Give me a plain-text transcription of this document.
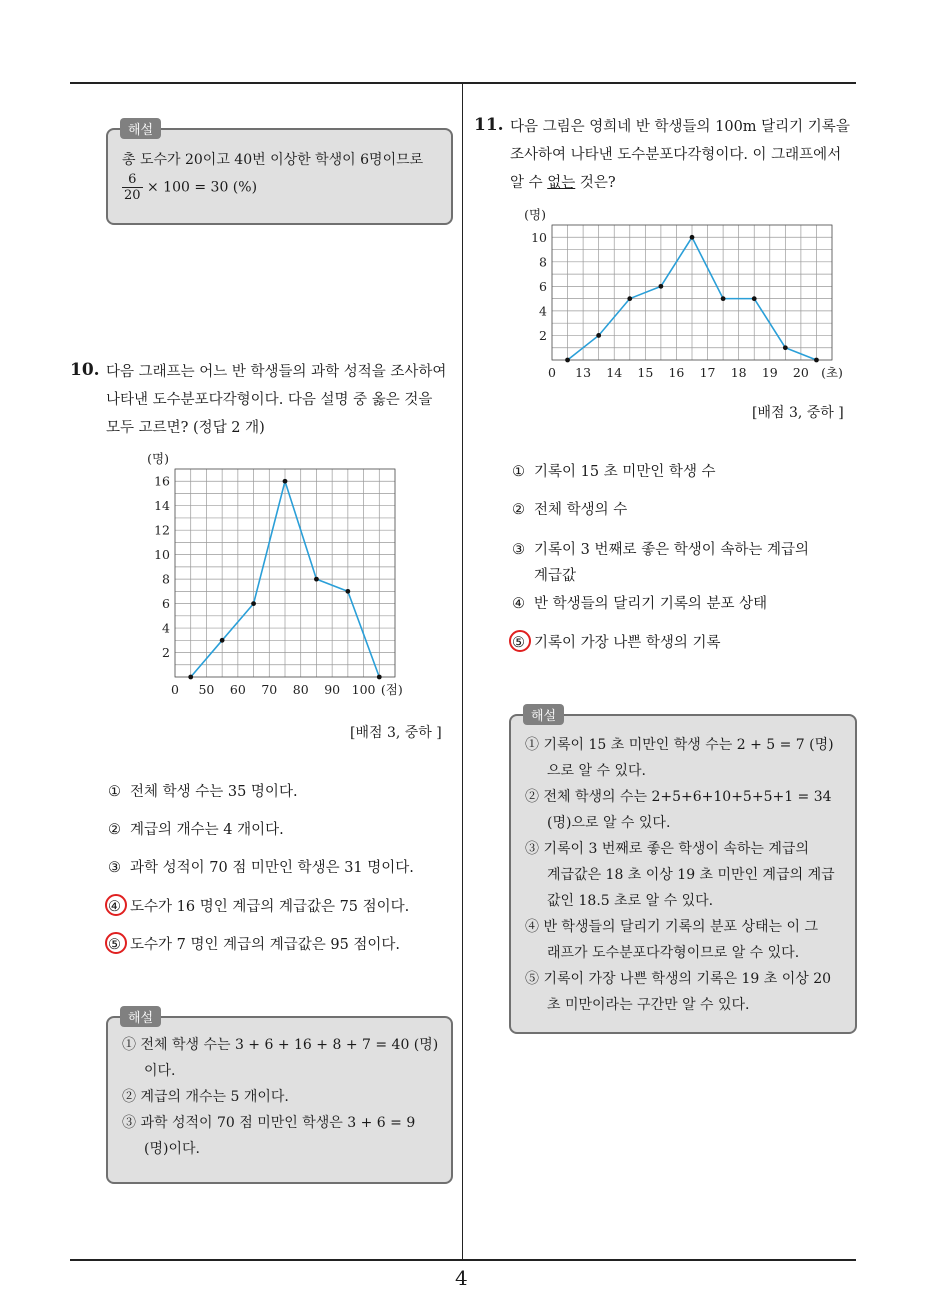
4
해설
총 도수가 20이고 40번 이상한 학생이 6명이므로
$\frac{6}{20} \times 100 = 30$ (%)
10. 다음 그래프는 어느 반 학생들의 과학 성적을 조사하여
나타낸 도수분포다각형이다. 다음 설명 중 옳은 것을
모두 고르면? (정답 2 개)
0 50 60 70 80 90 100 (점)
2
4
6
8
10
12
14
16
(명)
[배점 3, 중하 ]
① 전체 학생 수는 35 명이다.
② 계급의 개수는 4 개이다.
③ 과학 성적이 70 점 미만인 학생은 31 명이다.
④ 도수가 16 명인 계급의 계급값은 75 점이다.
⑤ 도수가 7 명인 계급의 계급값은 95 점이다.
해설
① 전체 학생 수는 3 + 6 + 16 + 8 + 7 = 40 (명)
이다.
② 계급의 개수는 5 개이다.
③ 과학 성적이 70 점 미만인 학생은 3 + 6 = 9
(명)이다.
11. 다음 그림은 영희네 반 학생들의 100m 달리기 기록을
조사하여 나타낸 도수분포다각형이다. 이 그래프에서
알 수 없는 것은?
0 13 14 15 16 17 18 19 20 (초)
2
4
6
8
10
(명)
[배점 3, 중하 ]
① 기록이 15 초 미만인 학생 수
② 전체 학생의 수
③ 기록이 3 번째로 좋은 학생이 속하는 계급의
계급값
④ 반 학생들의 달리기 기록의 분포 상태
⑤ 기록이 가장 나쁜 학생의 기록
해설
① 기록이 15 초 미만인 학생 수는 2 + 5 = 7 (명)
으로 알 수 있다.
② 전체 학생의 수는 2+5+6+10+5+5+1 = 34
(명)으로 알 수 있다.
③ 기록이 3 번째로 좋은 학생이 속하는 계급의
계급값은 18 초 이상 19 초 미만인 계급의 계급
값인 18.5 초로 알 수 있다.
④ 반 학생들의 달리기 기록의 분포 상태는 이 그
래프가 도수분포다각형이므로 알 수 있다.
⑤ 기록이 가장 나쁜 학생의 기록은 19 초 이상 20
초 미만이라는 구간만 알 수 있다.
